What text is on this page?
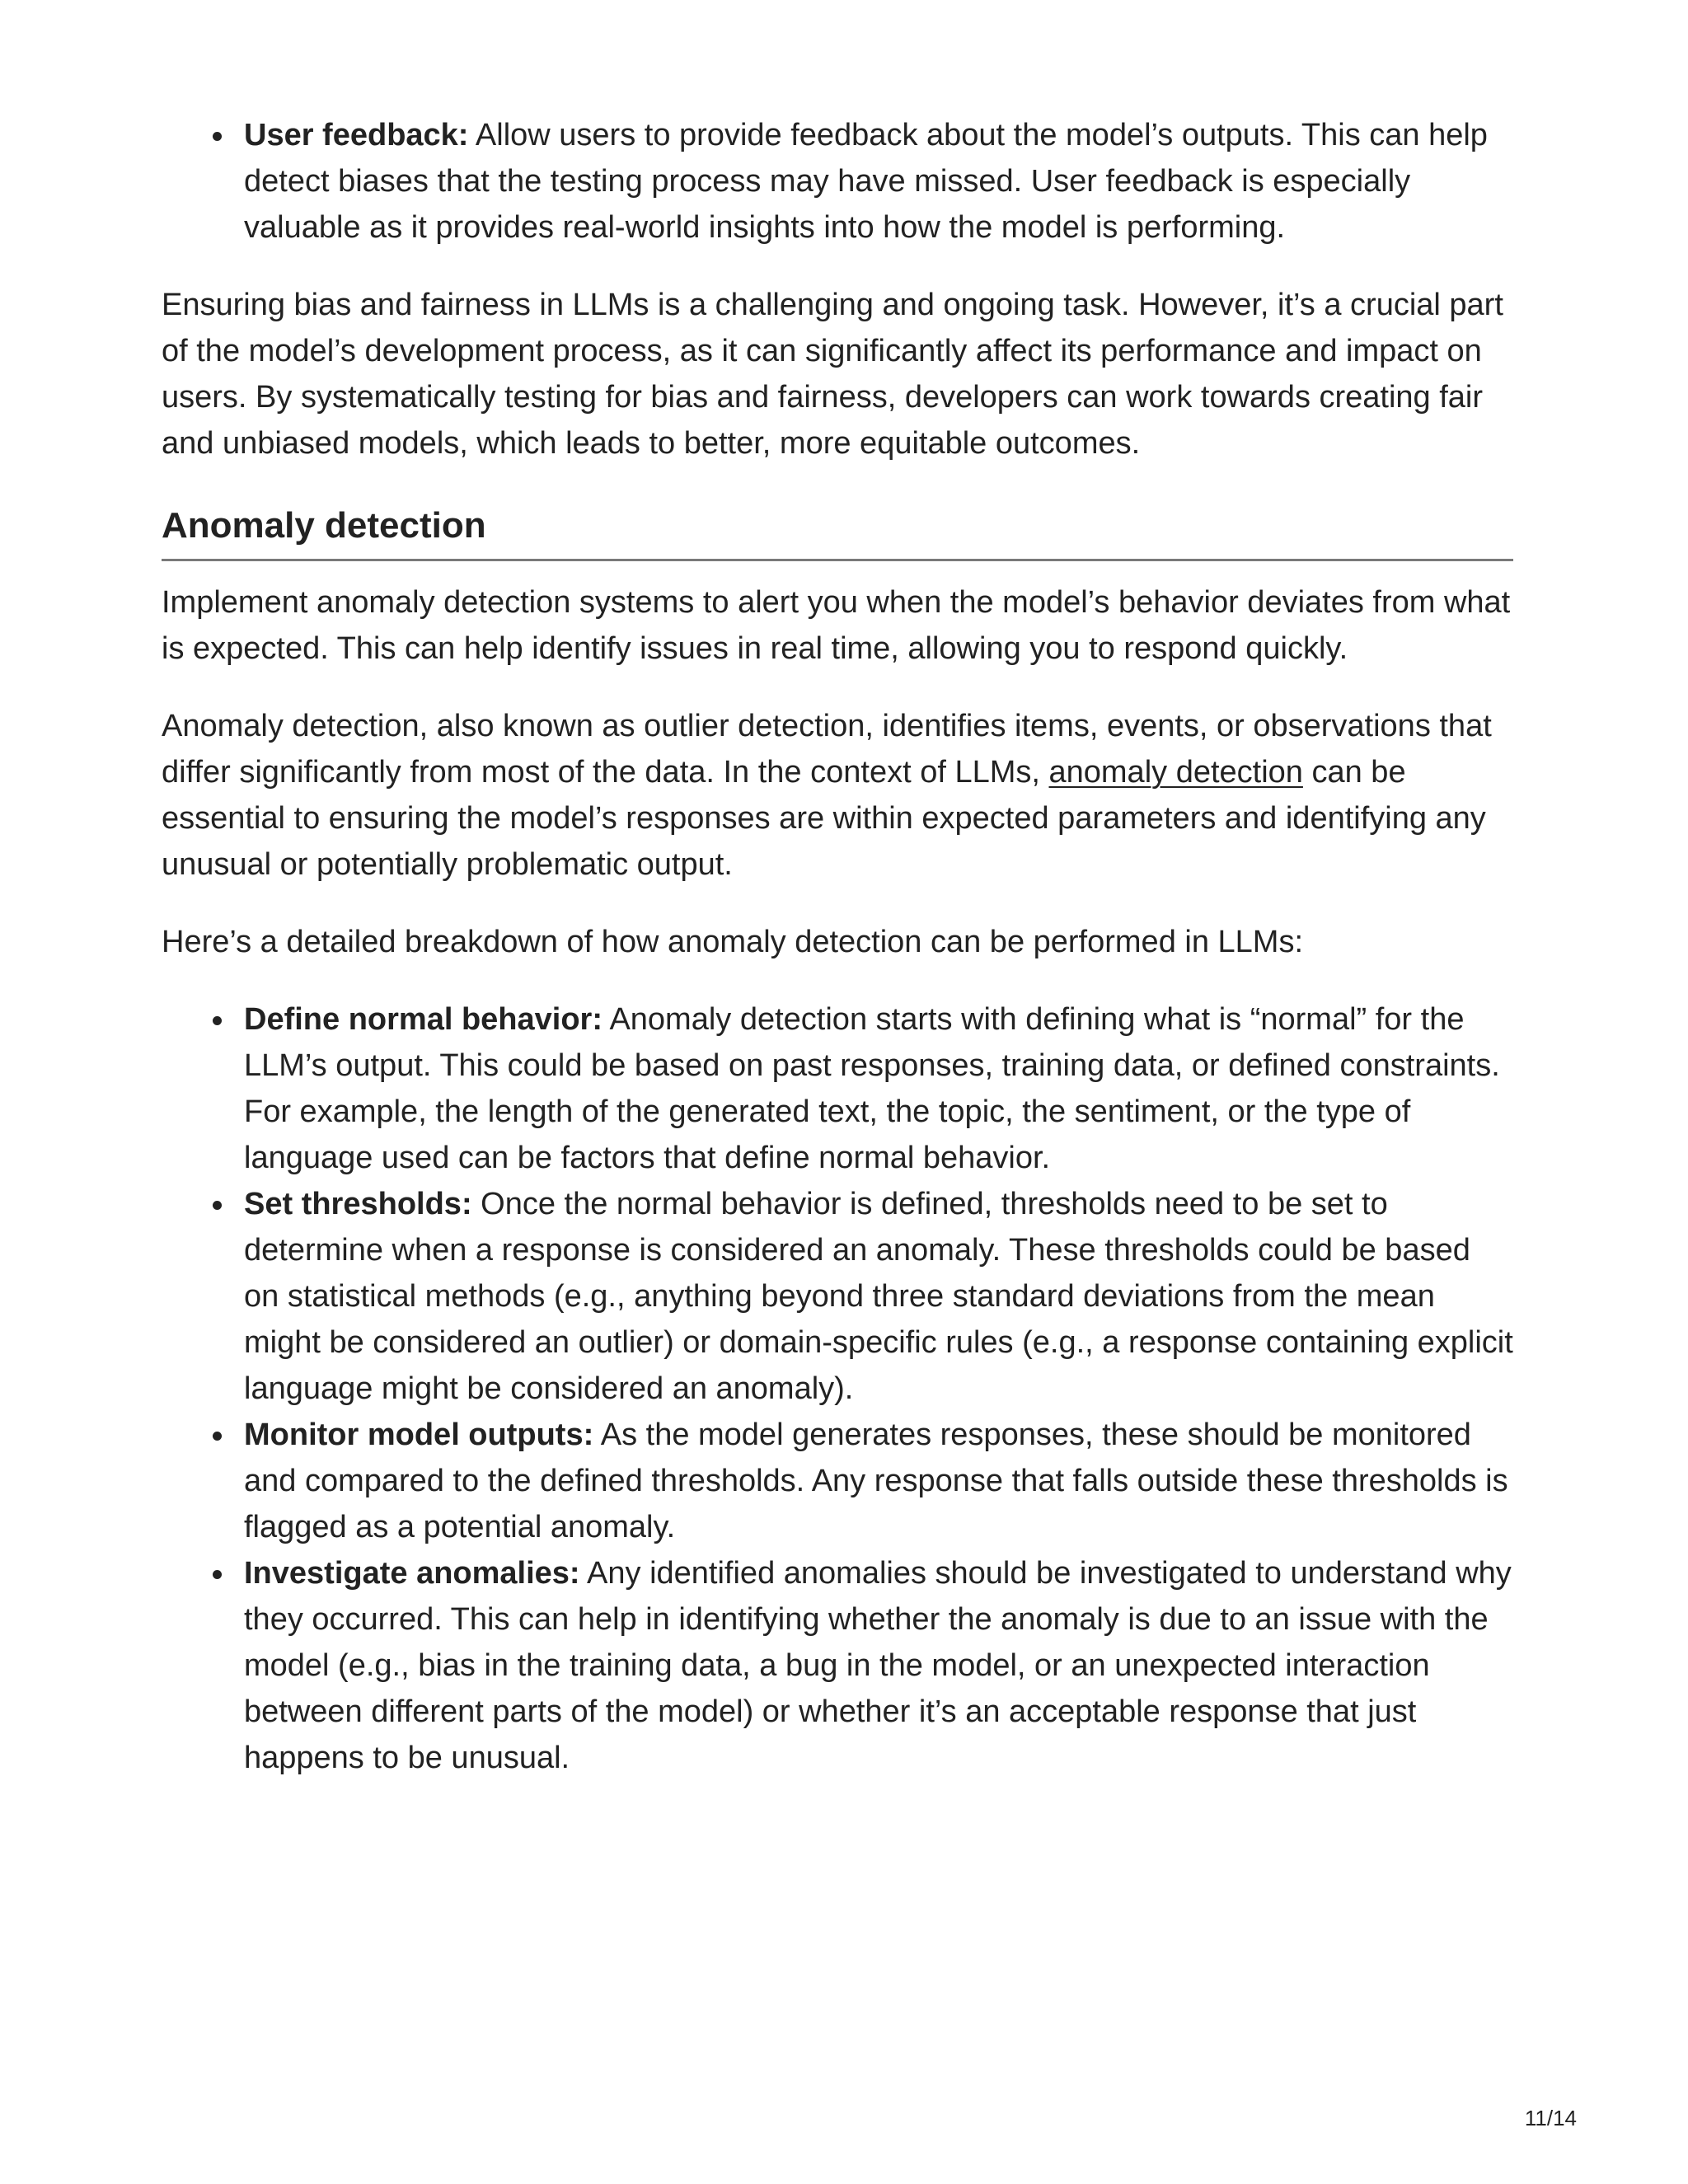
User feedback: Allow users to provide feedback about the model’s outputs. This can help detect biases that the testing process may have missed. User feedback is especially valuable as it provides real-world insights into how the model is performing.

Ensuring bias and fairness in LLMs is a challenging and ongoing task. However, it’s a crucial part of the model’s development process, as it can significantly affect its performance and impact on users. By systematically testing for bias and fairness, developers can work towards creating fair and unbiased models, which leads to better, more equitable outcomes.

Anomaly detection

Implement anomaly detection systems to alert you when the model’s behavior deviates from what is expected. This can help identify issues in real time, allowing you to respond quickly.

Anomaly detection, also known as outlier detection, identifies items, events, or observations that differ significantly from most of the data. In the context of LLMs, anomaly detection can be essential to ensuring the model’s responses are within expected parameters and identifying any unusual or potentially problematic output.

Here’s a detailed breakdown of how anomaly detection can be performed in LLMs:

Define normal behavior: Anomaly detection starts with defining what is “normal” for the LLM’s output. This could be based on past responses, training data, or defined constraints. For example, the length of the generated text, the topic, the sentiment, or the type of language used can be factors that define normal behavior.
Set thresholds: Once the normal behavior is defined, thresholds need to be set to determine when a response is considered an anomaly. These thresholds could be based on statistical methods (e.g., anything beyond three standard deviations from the mean might be considered an outlier) or domain-specific rules (e.g., a response containing explicit language might be considered an anomaly).
Monitor model outputs: As the model generates responses, these should be monitored and compared to the defined thresholds. Any response that falls outside these thresholds is flagged as a potential anomaly.
Investigate anomalies: Any identified anomalies should be investigated to understand why they occurred. This can help in identifying whether the anomaly is due to an issue with the model (e.g., bias in the training data, a bug in the model, or an unexpected interaction between different parts of the model) or whether it’s an acceptable response that just happens to be unusual.
11/14
